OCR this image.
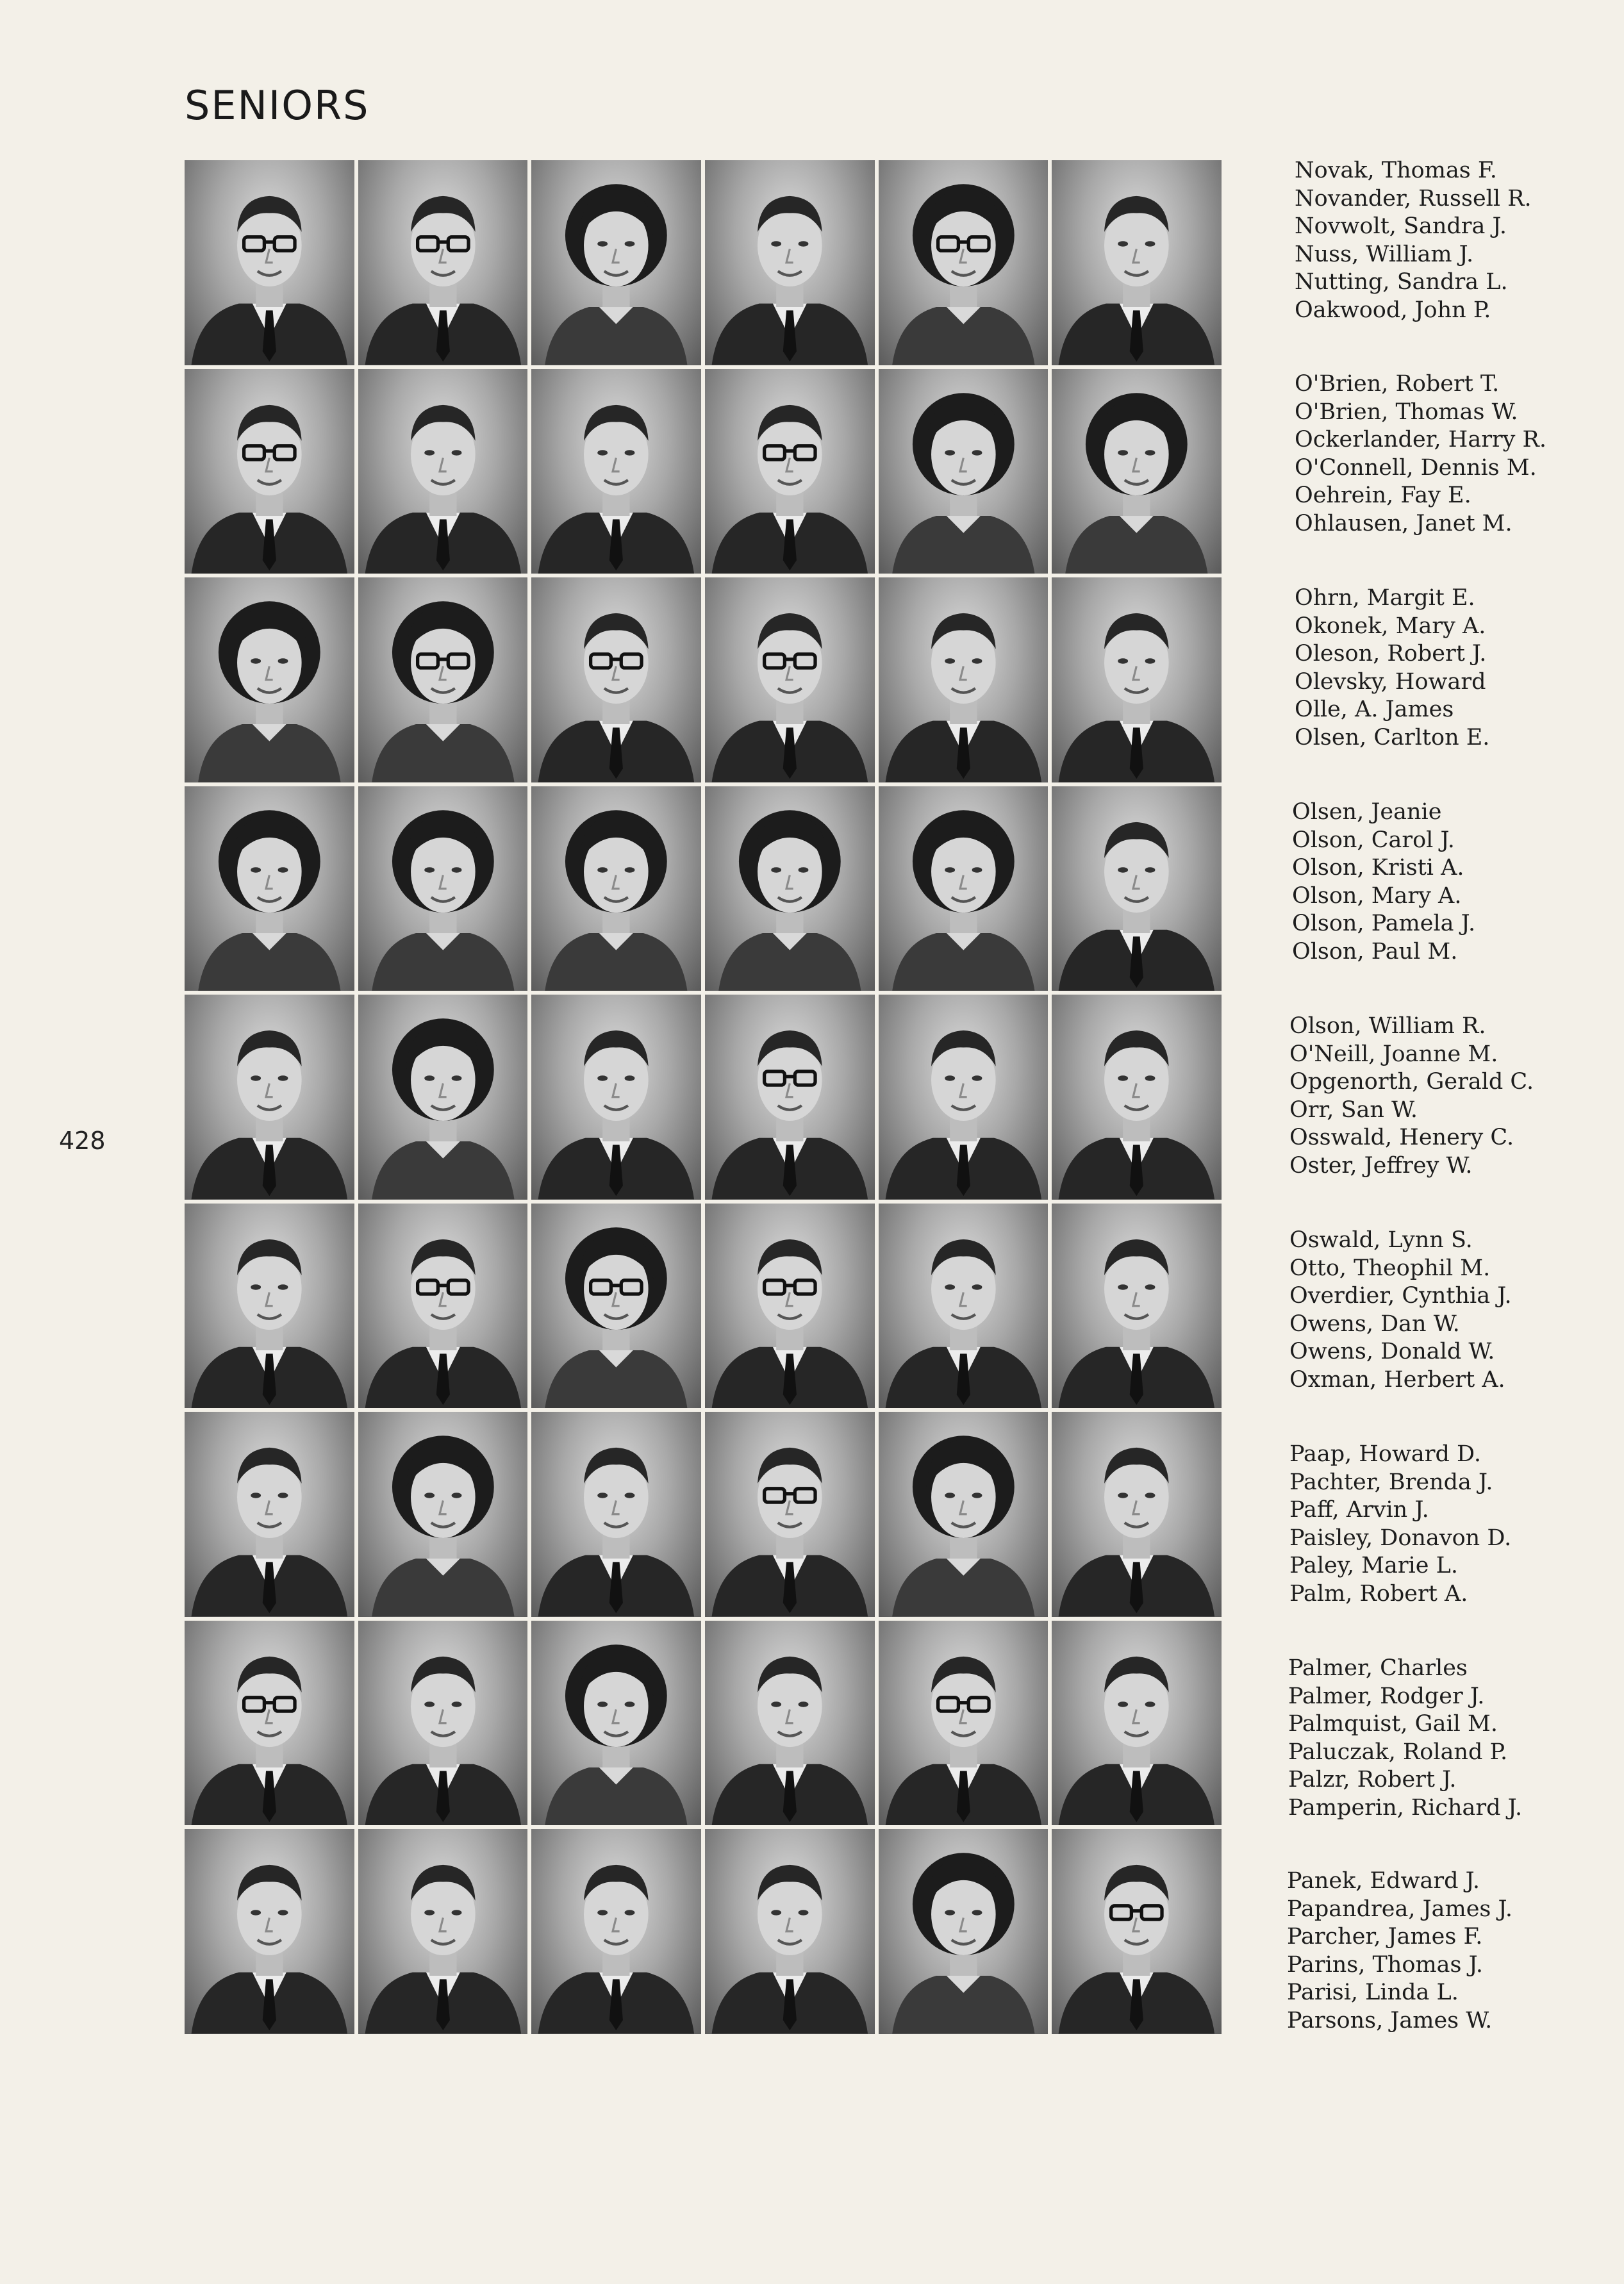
SENIORS
428
Novak, Thomas F.
Novander, Russell R.
Novwolt, Sandra J.
Nuss, William J.
Nutting, Sandra L.
Oakwood, John P.
O'Brien, Robert T.
O'Brien, Thomas W.
Ockerlander, Harry R.
O'Connell, Dennis M.
Oehrein, Fay E.
Ohlausen, Janet M.
Ohrn, Margit E.
Okonek, Mary A.
Oleson, Robert J.
Olevsky, Howard
Olle, A. James
Olsen, Carlton E.
Olsen, Jeanie
Olson, Carol J.
Olson, Kristi A.
Olson, Mary A.
Olson, Pamela J.
Olson, Paul M.
Olson, William R.
O'Neill, Joanne M.
Opgenorth, Gerald C.
Orr, San W.
Osswald, Henery C.
Oster, Jeffrey W.
Oswald, Lynn S.
Otto, Theophil M.
Overdier, Cynthia J.
Owens, Dan W.
Owens, Donald W.
Oxman, Herbert A.
Paap, Howard D.
Pachter, Brenda J.
Paff, Arvin J.
Paisley, Donavon D.
Paley, Marie L.
Palm, Robert A.
Palmer, Charles
Palmer, Rodger J.
Palmquist, Gail M.
Paluczak, Roland P.
Palzr, Robert J.
Pamperin, Richard J.
Panek, Edward J.
Papandrea, James J.
Parcher, James F.
Parins, Thomas J.
Parisi, Linda L.
Parsons, James W.
